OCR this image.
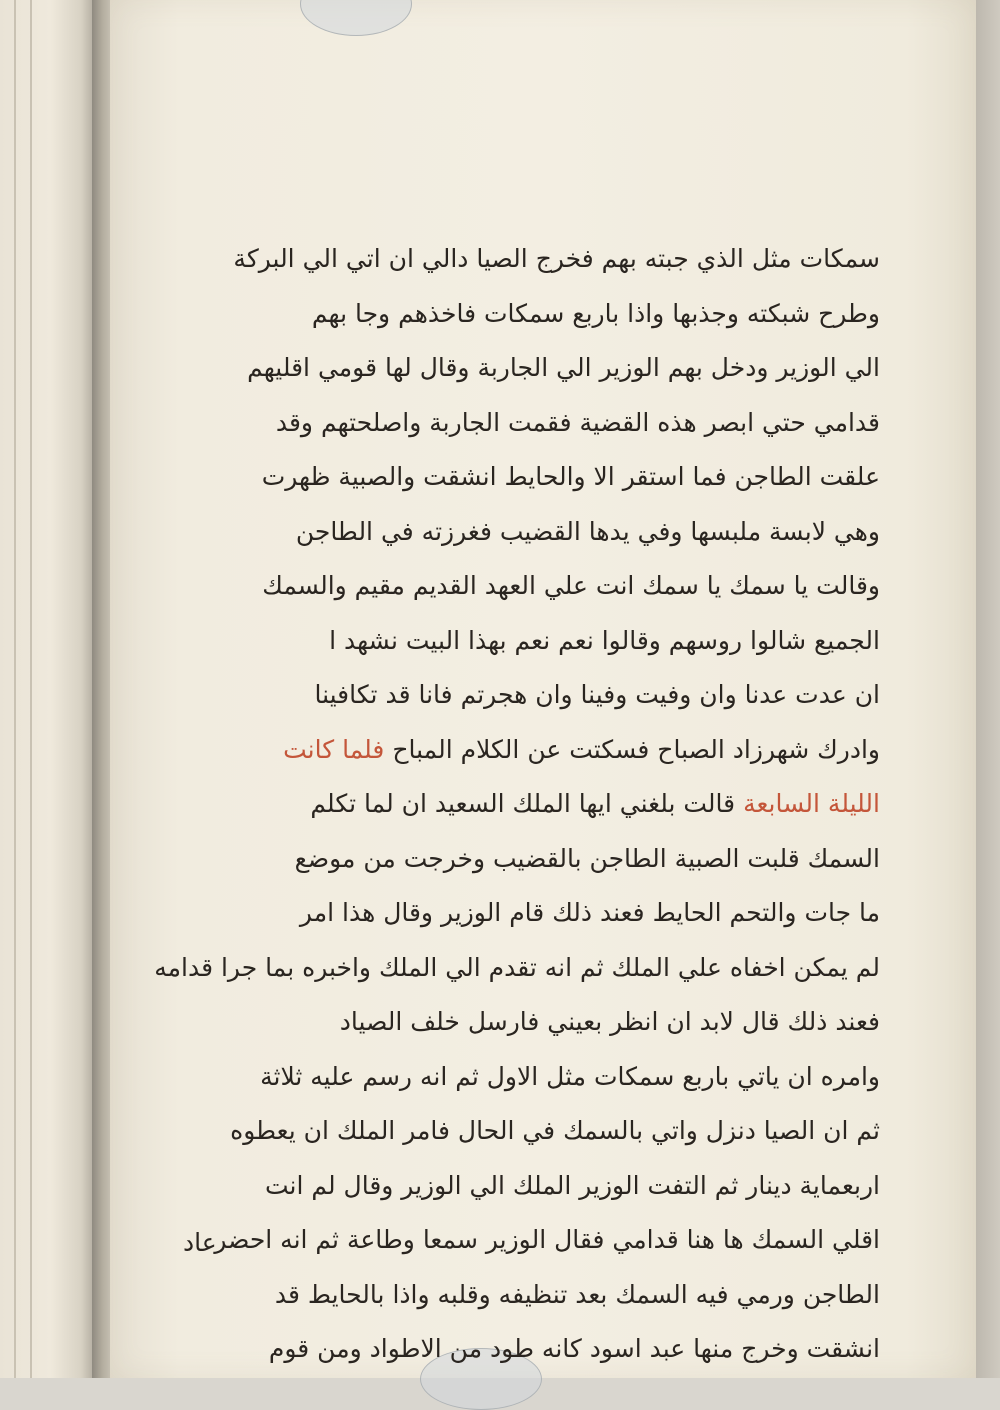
سمكات مثل الذي جبته بهم فخرج الصيا دالي ان اتي الي البركة
وطرح شبكته وجذبها واذا باربع سمكات فاخذهم وجا بهم
الي الوزير ودخل بهم الوزير الي الجاربة وقال لها قومي اقليهم
قدامي حتي ابصر هذه القضية فقمت الجاربة واصلحتهم وقد
علقت الطاجن فما استقر الا والحايط انشقت والصبية ظهرت
وهي لابسة ملبسها وفي يدها القضيب فغرزته في الطاجن
وقالت يا سمك يا سمك انت علي العهد القديم مقيم والسمك
الجميع شالوا روسهم وقالوا نعم نعم بهذا البيت نشهد ا
ان عدت عدنا وان وفيت وفينا وان هجرتم فانا قد تكافينا
وادرك شهرزاد الصباح فسكتت عن الكلام المباح فلما كانت
الليلة السابعة قالت بلغني ايها الملك السعيد ان لما تكلم
السمك قلبت الصبية الطاجن بالقضيب وخرجت من موضع
ما جات والتحم الحايط فعند ذلك قام الوزير وقال هذا امر
لم يمكن اخفاه علي الملك ثم انه تقدم الي الملك واخبره بما جرا قدامه
فعند ذلك قال لابد ان انظر بعيني فارسل خلف الصياد
وامره ان ياتي باربع سمكات مثل الاول ثم انه رسم عليه ثلاثة
ثم ان الصيا دنزل واتي بالسمك في الحال فامر الملك ان يعطوه
اربعماية دينار ثم التفت الوزير الملك الي الوزير وقال لم انت
اقلي السمك ها هنا قدامي فقال الوزير سمعا وطاعة ثم انه احضر
الطاجن ورمي فيه السمك بعد تنظيفه وقلبه واذا بالحايط قد
انشقت وخرج منها عبد اسود كانه طود من الاطواد ومن قوم
عاد
